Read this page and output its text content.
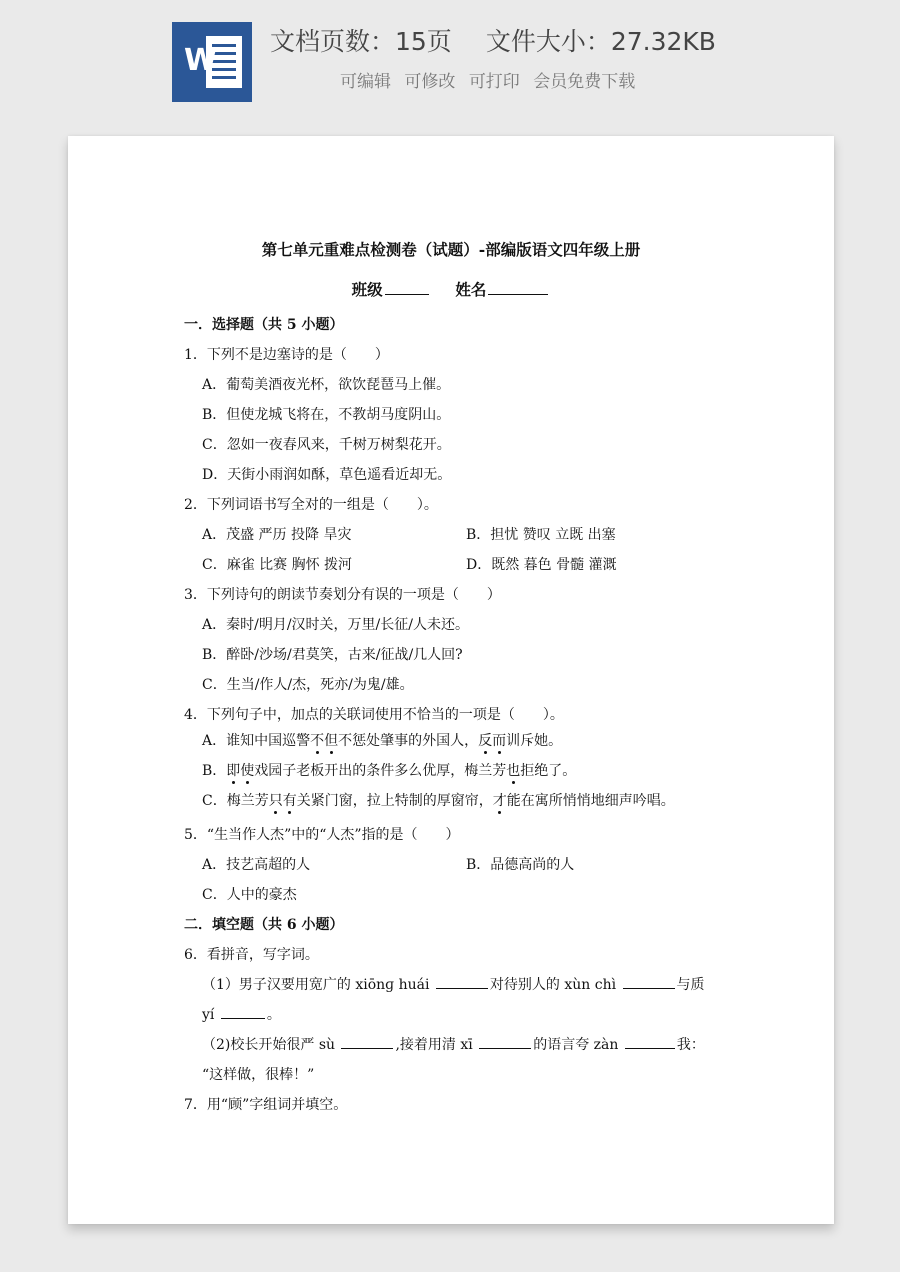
W
文档页数：15页 文件大小：27.32KB
可编辑 可修改 可打印 会员免费下载
第七单元重难点检测卷（试题）-部编版语文四年级上册
班级	姓名
一．选择题（共 5 小题）
1．下列不是边塞诗的是（　　）
A．葡萄美酒夜光杯，欲饮琵琶马上催。
B．但使龙城飞将在，不教胡马度阴山。
C．忽如一夜春风来，千树万树梨花开。
D．天街小雨润如酥，草色遥看近却无。
2．下列词语书写全对的一组是（　　）。
A．茂盛 严历 投降 旱灾	B．担忧 赞叹 立既 出塞
C．麻雀 比赛 胸怀 拨河	D．既然 暮色 骨髓 灌溉
3．下列诗句的朗读节奏划分有误的一项是（　　）
A．秦时/明月/汉时关，万里/长征/人未还。
B．醉卧/沙场/君莫笑，古来/征战/几人回?
C．生当/作人/杰，死亦/为鬼/雄。
4．下列句子中，加点的关联词使用不恰当的一项是（　　）。
A．谁知中国巡警不但不惩处肇事的外国人，反而训斥她。
B．即使戏园子老板开出的条件多么优厚，梅兰芳也拒绝了。
C．梅兰芳只有关紧门窗，拉上特制的厚窗帘，才能在寓所悄悄地细声吟唱。
5．“生当作人杰”中的“人杰”指的是（　　）
A．技艺高超的人	B．品德高尚的人
C．人中的豪杰
二．填空题（共 6 小题）
6．看拼音，写字词。
（1）男子汉要用宽广的 xiōnɡ huái	对待别人的 xùn chì	与质
yí	。
（2)校长开始很严 sù	,接着用清 xī	的语言夸 zàn	我：
“这样做，很棒！”
7．用“顾”字组词并填空。
